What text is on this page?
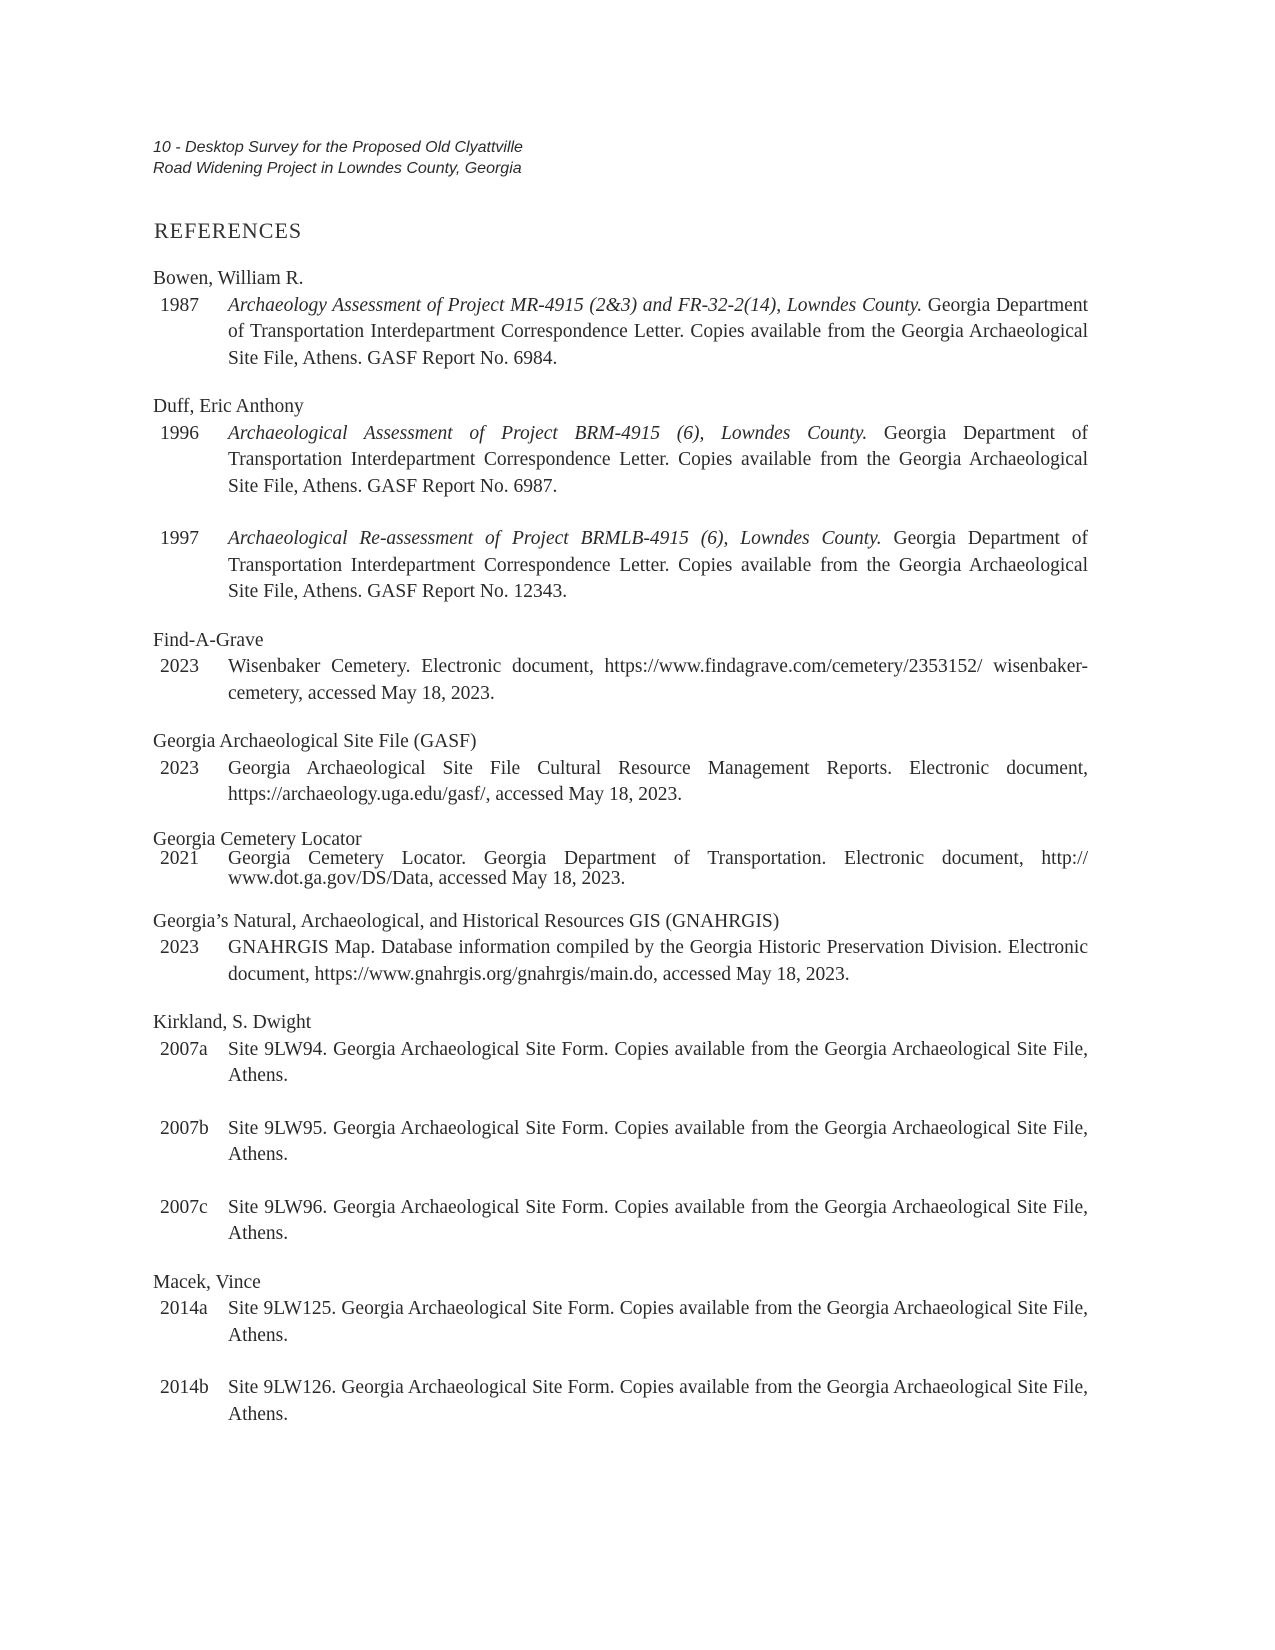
10 - Desktop Survey for the Proposed Old Clyattville
Road Widening Project in Lowndes County, Georgia
REFERENCES
Bowen, William R.
1987 Archaeology Assessment of Project MR-4915 (2&3) and FR-32-2(14), Lowndes County. Georgia Department of Transportation Interdepartment Correspondence Letter. Copies available from the Georgia Archaeological Site File, Athens. GASF Report No. 6984.
Duff, Eric Anthony
1996 Archaeological Assessment of Project BRM-4915 (6), Lowndes County. Georgia Department of Transportation Interdepartment Correspondence Letter. Copies available from the Georgia Archaeological Site File, Athens. GASF Report No. 6987.
1997 Archaeological Re-assessment of Project BRMLB-4915 (6), Lowndes County. Georgia Department of Transportation Interdepartment Correspondence Letter. Copies available from the Georgia Archaeological Site File, Athens. GASF Report No. 12343.
Find-A-Grave
2023 Wisenbaker Cemetery. Electronic document, https://www.findagrave.com/cemetery/2353152/ wisenbaker-cemetery, accessed May 18, 2023.
Georgia Archaeological Site File (GASF)
2023 Georgia Archaeological Site File Cultural Resource Management Reports. Electronic document, https://archaeology.uga.edu/gasf/, accessed May 18, 2023.
Georgia Cemetery Locator
2021 Georgia Cemetery Locator. Georgia Department of Transportation. Electronic document, http:// www.dot.ga.gov/DS/Data, accessed May 18, 2023.
Georgia’s Natural, Archaeological, and Historical Resources GIS (GNAHRGIS)
2023 GNAHRGIS Map. Database information compiled by the Georgia Historic Preservation Division. Electronic document, https://www.gnahrgis.org/gnahrgis/main.do, accessed May 18, 2023.
Kirkland, S. Dwight
2007a Site 9LW94. Georgia Archaeological Site Form. Copies available from the Georgia Archaeological Site File, Athens.
2007b Site 9LW95. Georgia Archaeological Site Form. Copies available from the Georgia Archaeological Site File, Athens.
2007c Site 9LW96. Georgia Archaeological Site Form. Copies available from the Georgia Archaeological Site File, Athens.
Macek, Vince
2014a Site 9LW125. Georgia Archaeological Site Form. Copies available from the Georgia Archaeological Site File, Athens.
2014b Site 9LW126. Georgia Archaeological Site Form. Copies available from the Georgia Archaeological Site File, Athens.
